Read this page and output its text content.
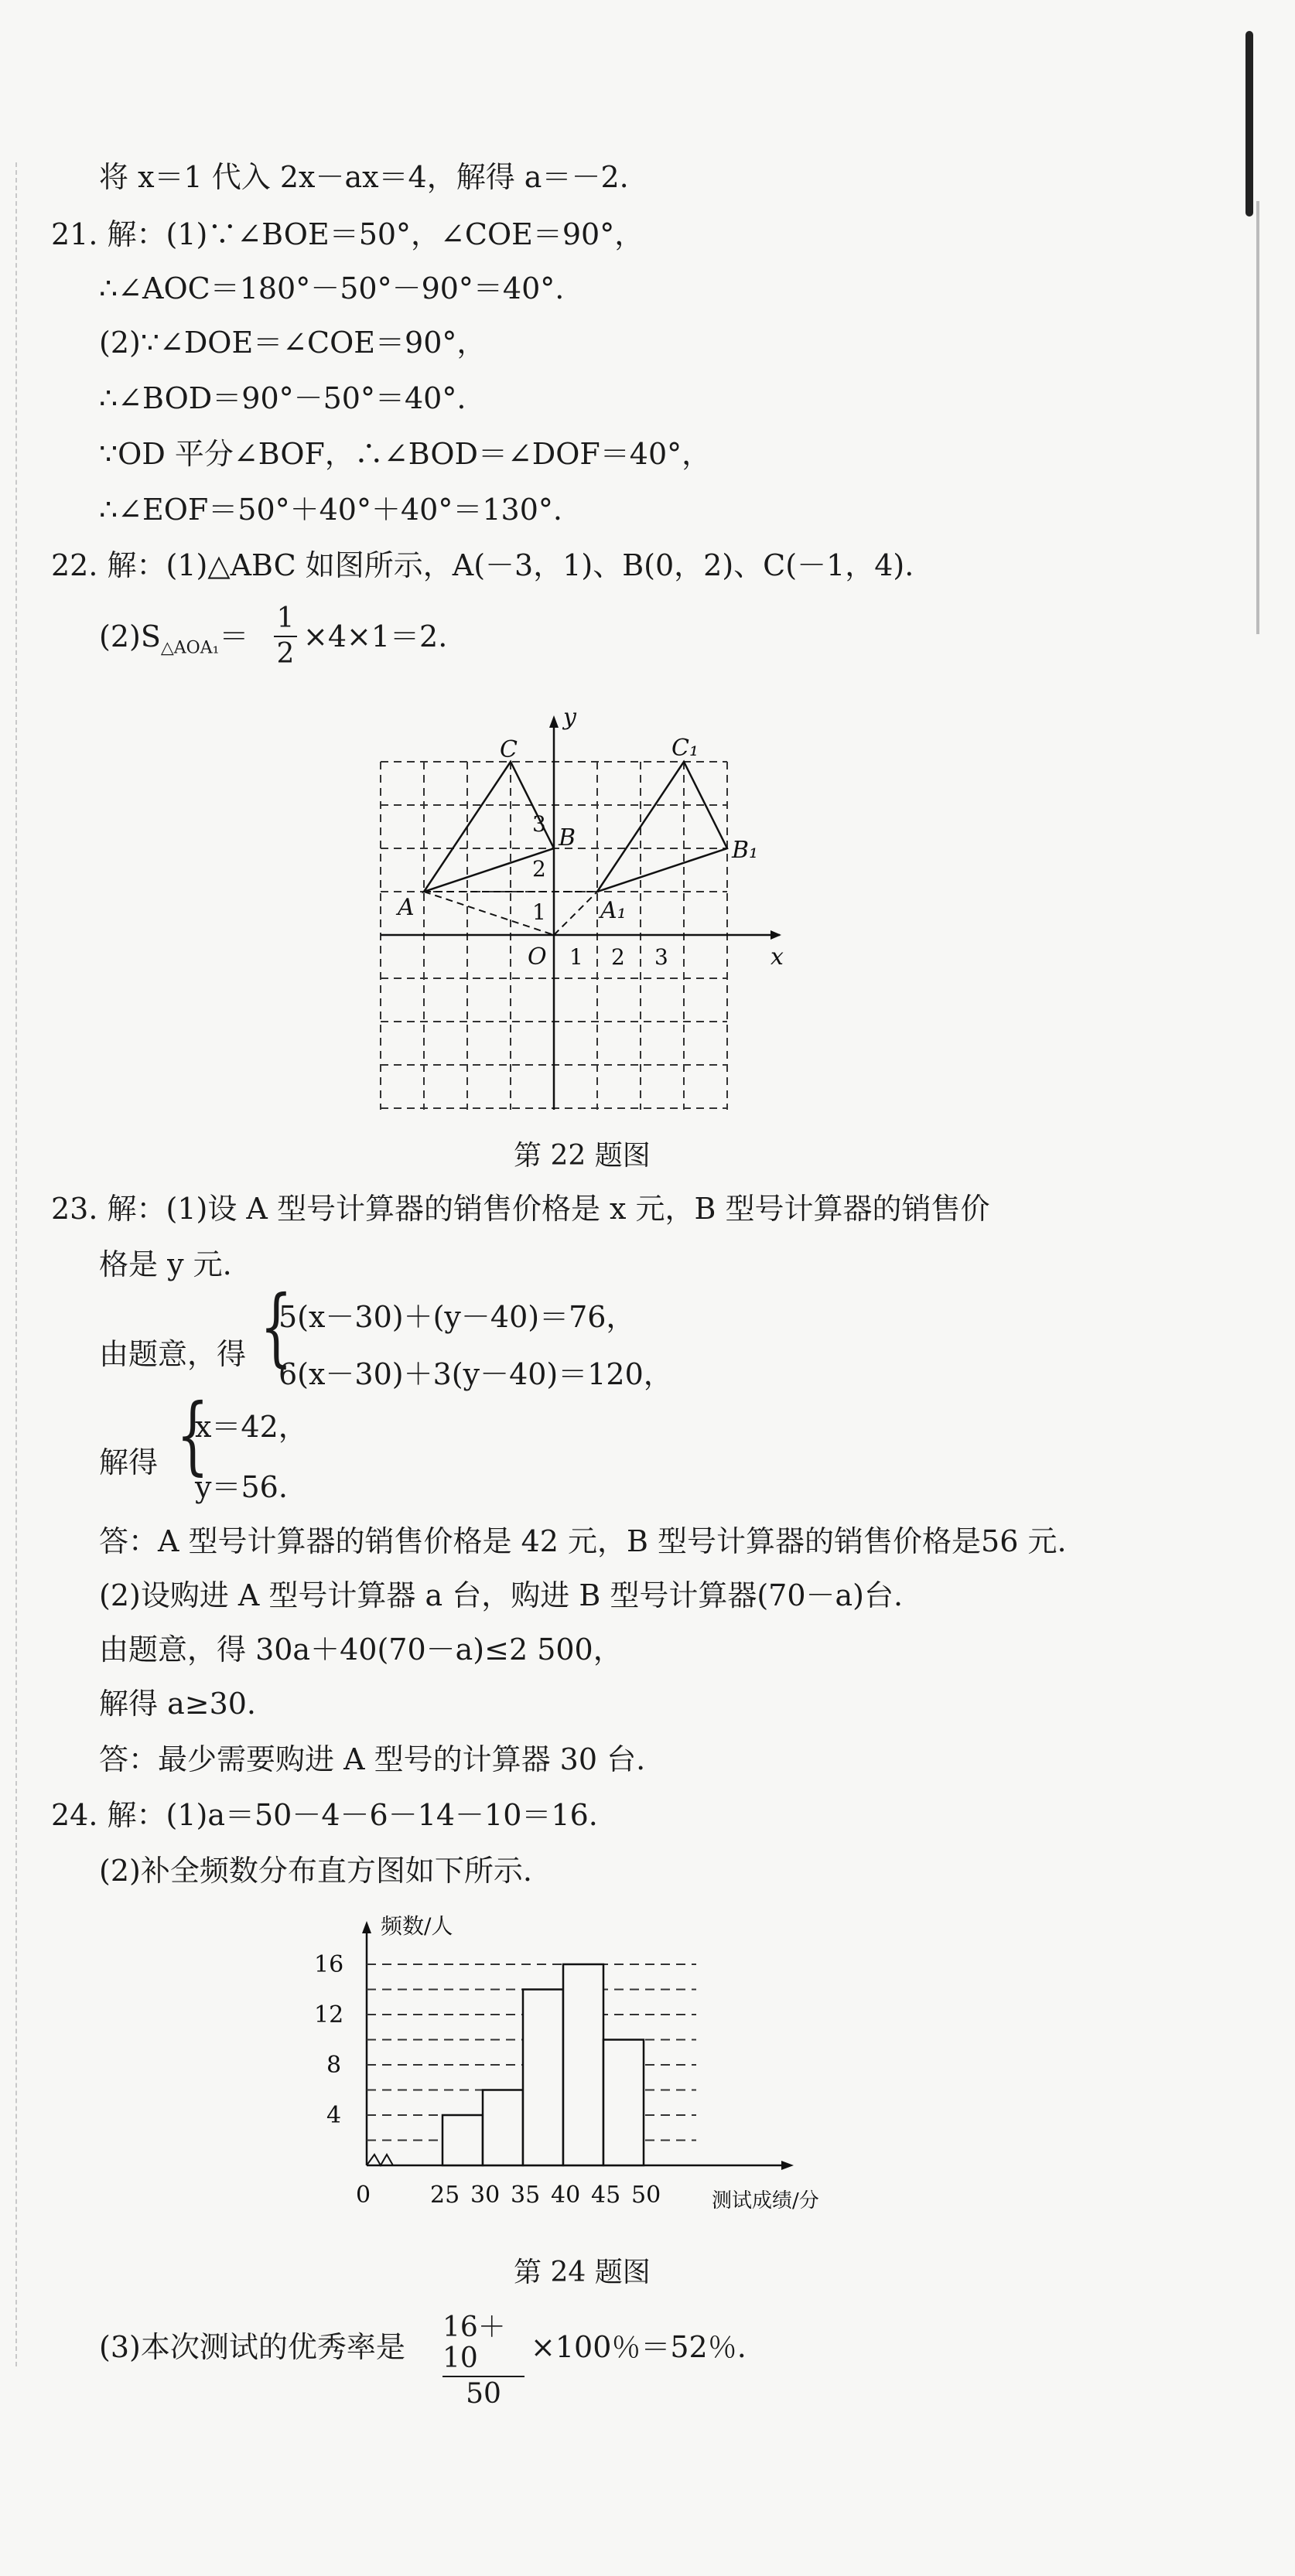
将 x＝1 代入 2x－ax＝4，解得 a＝－2.
21. 解：(1)∵∠BOE＝50°，∠COE＝90°，
∴∠AOC＝180°－50°－90°＝40°.
(2)∵∠DOE＝∠COE＝90°，
∴∠BOD＝90°－50°＝40°.
∵OD 平分∠BOF，∴∠BOD＝∠DOF＝40°，
∴∠EOF＝50°＋40°＋40°＝130°.
22. 解：(1)△ABC 如图所示，A(－3，1)、B(0，2)、C(－1，4).
$(2)S_{\triangle AOA_1}=$
1
2
×4×1＝2.
y
x
O
C
B
A
C₁
B₁
A₁
1
2
3
1 2 3
第 22 题图
23. 解：(1)设 A 型号计算器的销售价格是 x 元，B 型号计算器的销售价
格是 y 元.
由题意，得 {
5(x－30)＋(y－40)＝76，
6(x－30)＋3(y－40)＝120，
解得 {
x＝42，
y＝56.
答：A 型号计算器的销售价格是 42 元，B 型号计算器的销售价格是56 元.
(2)设购进 A 型号计算器 a 台，购进 B 型号计算器(70－a)台.
由题意，得 30a＋40(70－a)≤2 500，
解得 a≥30.
答：最少需要购进 A 型号的计算器 30 台.
24. 解：(1)a＝50－4－6－14－10＝16.
(2)补全频数分布直方图如下所示.
频数/人
测试成绩/分
4
8
12
16
0	25 30 35 40 45 50
第 24 题图
(3)本次测试的优秀率是
16＋10
50
×100％＝52％.
